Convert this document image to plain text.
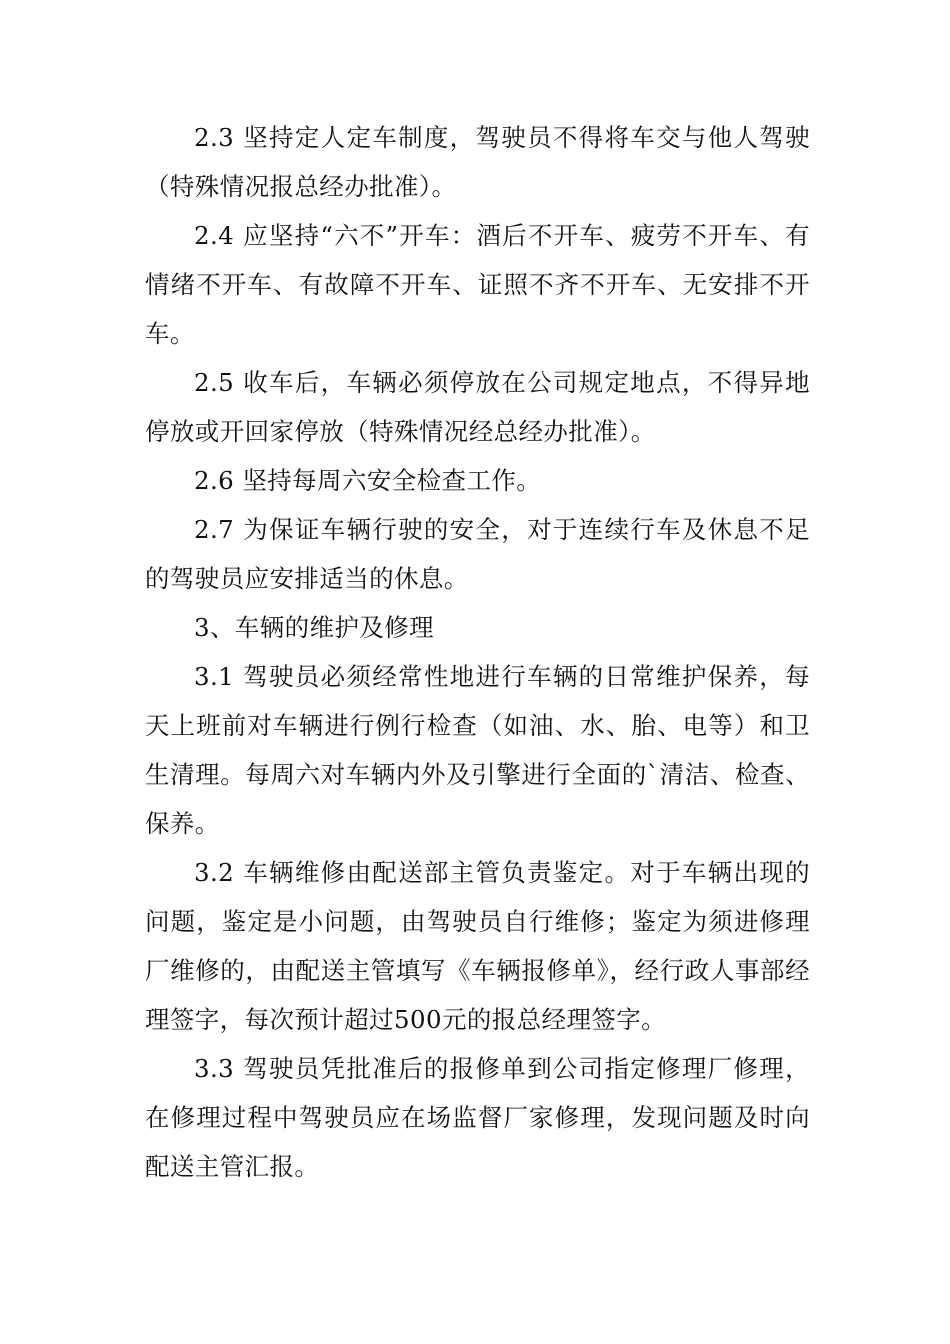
2.3 坚持定人定车制度，驾驶员不得将车交与他人驾驶（特殊情况报总经办批准）。

2.4 应坚持“六不”开车：酒后不开车、疲劳不开车、有情绪不开车、有故障不开车、证照不齐不开车、无安排不开车。

2.5 收车后，车辆必须停放在公司规定地点，不得异地停放或开回家停放（特殊情况经总经办批准）。

2.6 坚持每周六安全检查工作。

2.7 为保证车辆行驶的安全，对于连续行车及休息不足的驾驶员应安排适当的休息。

3、车辆的维护及修理

3.1 驾驶员必须经常性地进行车辆的日常维护保养，每天上班前对车辆进行例行检查（如油、水、胎、电等）和卫生清理。每周六对车辆内外及引擎进行全面的`清洁、检查、保养。

3.2 车辆维修由配送部主管负责鉴定。对于车辆出现的问题，鉴定是小问题，由驾驶员自行维修；鉴定为须进修理厂维修的，由配送主管填写《车辆报修单》，经行政人事部经理签字，每次预计超过500元的报总经理签字。

3.3 驾驶员凭批准后的报修单到公司指定修理厂修理，在修理过程中驾驶员应在场监督厂家修理，发现问题及时向配送主管汇报。
